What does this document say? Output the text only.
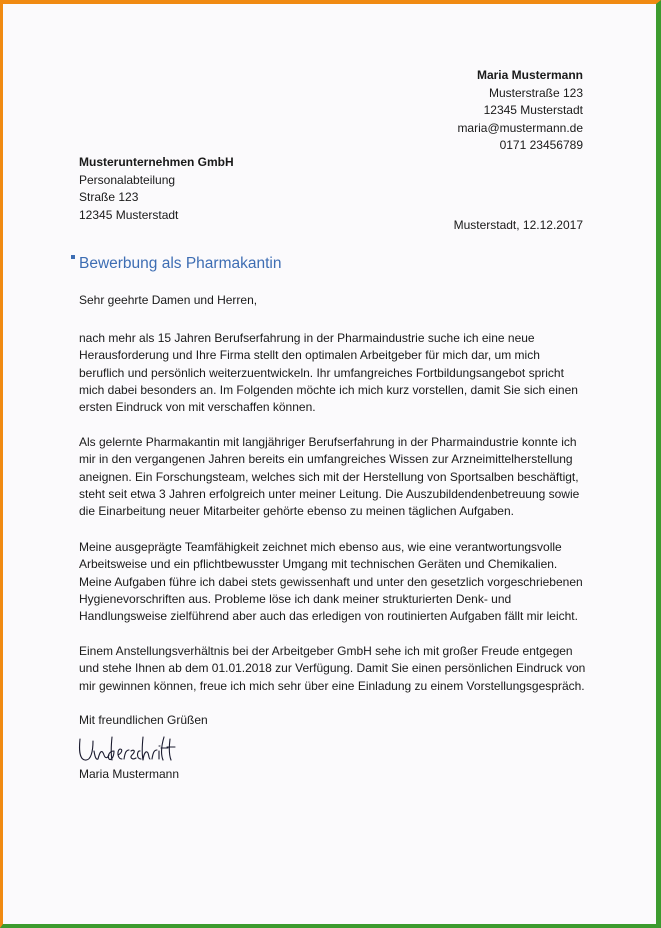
Maria Mustermann
Musterstraße 123
12345 Musterstadt
maria@mustermann.de
0171 23456789
Musterunternehmen GmbH
Personalabteilung
Straße 123
12345 Musterstadt
Musterstadt, 12.12.2017
Bewerbung als Pharmakantin
Sehr geehrte Damen und Herren,
nach mehr als 15 Jahren Berufserfahrung in der Pharmaindustrie suche ich eine neue
Herausforderung und Ihre Firma stellt den optimalen Arbeitgeber für mich dar, um mich
beruflich und persönlich weiterzuentwickeln. Ihr umfangreiches Fortbildungsangebot spricht
mich dabei besonders an. Im Folgenden möchte ich mich kurz vorstellen, damit Sie sich einen
ersten Eindruck von mit verschaffen können.
Als gelernte Pharmakantin mit langjähriger Berufserfahrung in der Pharmaindustrie konnte ich
mir in den vergangenen Jahren bereits ein umfangreiches Wissen zur Arzneimittelherstellung
aneignen. Ein Forschungsteam, welches sich mit der Herstellung von Sportsalben beschäftigt,
steht seit etwa 3 Jahren erfolgreich unter meiner Leitung. Die Auszubildendenbetreuung sowie
die Einarbeitung neuer Mitarbeiter gehörte ebenso zu meinen täglichen Aufgaben.
Meine ausgeprägte Teamfähigkeit zeichnet mich ebenso aus, wie eine verantwortungsvolle
Arbeitsweise und ein pflichtbewusster Umgang mit technischen Geräten und Chemikalien.
Meine Aufgaben führe ich dabei stets gewissenhaft und unter den gesetzlich vorgeschriebenen
Hygienevorschriften aus. Probleme löse ich dank meiner strukturierten Denk- und
Handlungsweise zielführend aber auch das erledigen von routinierten Aufgaben fällt mir leicht.
Einem Anstellungsverhältnis bei der Arbeitgeber GmbH sehe ich mit großer Freude entgegen
und stehe Ihnen ab dem 01.01.2018 zur Verfügung. Damit Sie einen persönlichen Eindruck von
mir gewinnen können, freue ich mich sehr über eine Einladung zu einem Vorstellungsgespräch.
Mit freundlichen Grüßen
Maria Mustermann
